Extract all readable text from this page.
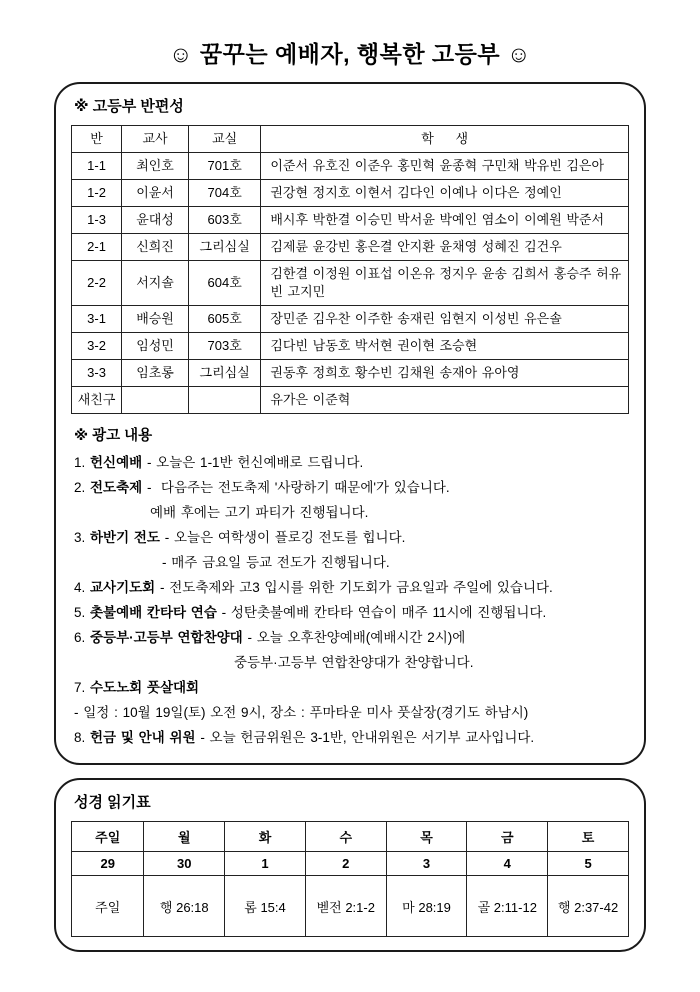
☺ 꿈꾸는 예배자, 행복한 고등부 ☺
※ 고등부 반편성
반	교사	교실	학      생
1-1	최인호	701호	이준서 유호진 이준우 홍민혁 윤종혁 구민채 박유빈 김은아
1-2	이윤서	704호	권강현 정지호 이현서 김다인 이예나 이다은 정예인
1-3	윤대성	603호	배시후 박한결 이승민 박서윤 박예인 염소이 이예원 박준서
2-1	신희진	그리심실	김제륜 윤강빈 홍은결 안지환 윤채영 성혜진 김건우
2-2	서지솔	604호	김한결 이정원 이표섭 이온유 정지우 윤송 김희서 홍승주 허유빈 고지민
3-1	배승원	605호	장민준 김우찬 이주한 송재린 임현지 이성빈 유은솔
3-2	임성민	703호	김다빈 남동호 박서현 권이현 조승현
3-3	임초롱	그리심실	권동후 정희호 황수빈 김채원 송재아 유아영
새친구			유가은 이준혁
※ 광고 내용
1. 헌신예배 - 오늘은 1-1반 헌신예배로 드립니다.
2. 전도축제 -  다음주는 전도축제 '사랑하기 때문에'가 있습니다.
예배 후에는 고기 파티가 진행됩니다.
3. 하반기 전도 - 오늘은 여학생이 플로깅 전도를 힙니다.
- 매주 금요일 등교 전도가 진행됩니다.
4. 교사기도회 - 전도축제와 고3 입시를 위한 기도회가 금요일과 주일에 있습니다.
5. 촛불예배 칸타타 연습 - 성탄촛불예배 칸타타 연습이 매주 11시에 진행됩니다.
6. 중등부·고등부 연합찬양대 - 오늘 오후찬양예배(예배시간 2시)에
중등부·고등부 연합찬양대가 찬양합니다.
7. 수도노회 풋살대회
- 일정 : 10월 19일(토) 오전 9시, 장소 : 푸마타운 미사 풋살장(경기도 하남시)
8. 헌금 및 안내 위원 - 오늘 헌금위원은 3-1반, 안내위원은 서기부 교사입니다.
성경 읽기표
주일	월	화	수	목	금	토
29	30	1	2	3	4	5
주일	행 26:18	롬 15:4	벧전 2:1-2	마 28:19	골 2:11-12	행 2:37-42
